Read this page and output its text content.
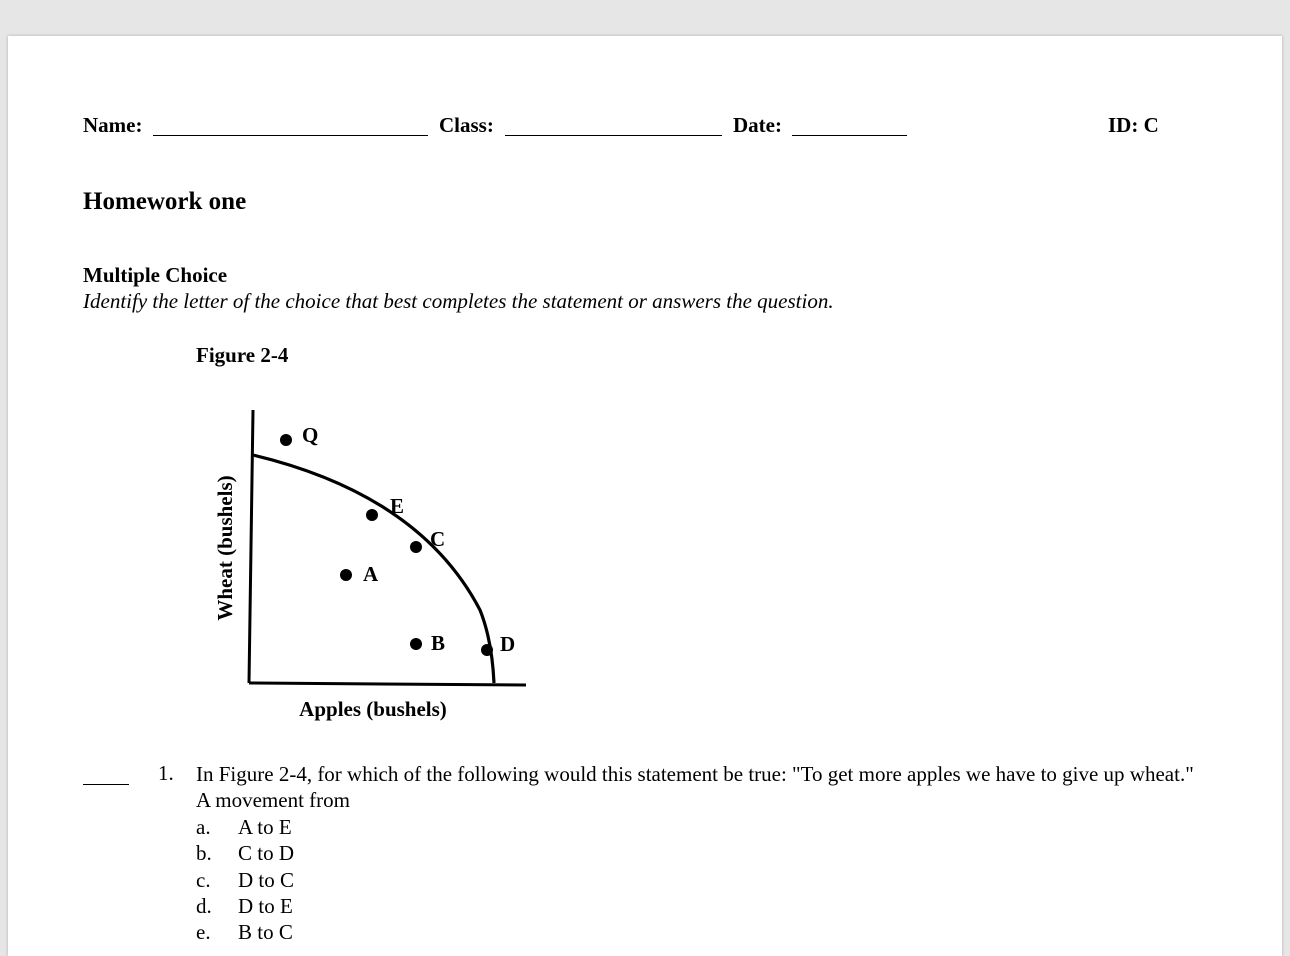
Name:	Class:	Date:	ID: C
Homework one
Multiple Choice
Identify the letter of the choice that best completes the statement or answers the question.
Figure 2-4
Q
E
C
A
B	D
Wheat (bushels)
Apples (bushels)
1. In Figure 2-4, for which of the following would this statement be true: "To get more apples we have to give up wheat." A movement from
a. A to E
b. C to D
c. D to C
d. D to E
e. B to C
